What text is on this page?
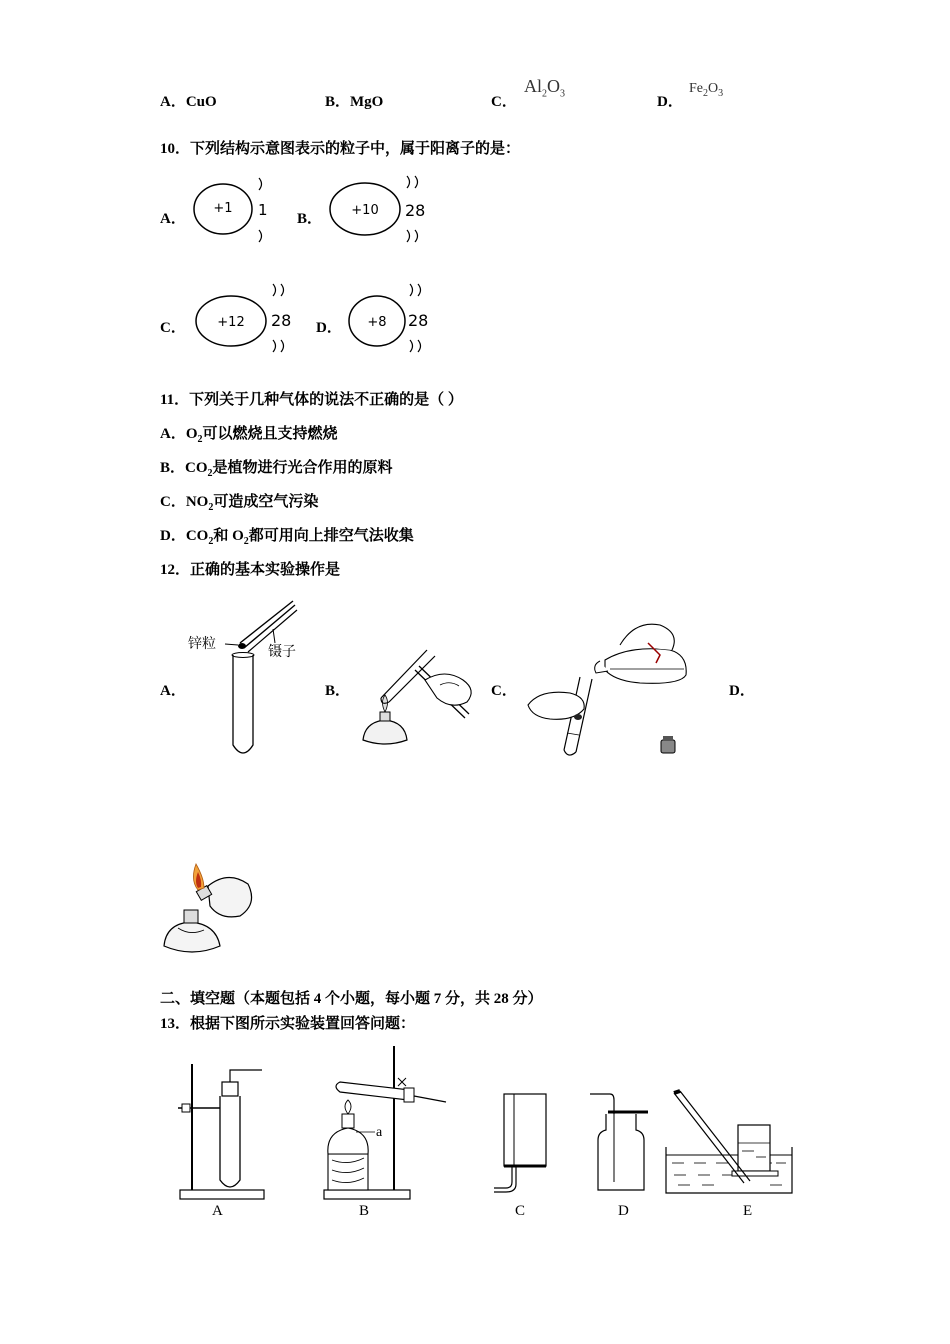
A．CuO	B．MgO	C．
$Al_2O_3$	D．
$Fe_2O_3$
10．下列结构示意图表示的粒子中，属于阳离子的是：
A．
+1 1 B．
+10 28
C． +12 28 D． +8 28
11．下列关于几种气体的说法不正确的是（ ）
A．$O_2$可以燃烧且支持燃烧
B．$CO_2$是植物进行光合作用的原料
C．$NO_2$可造成空气污染
D．$CO_2$和 $O_2$都可用向上排空气法收集
12．正确的基本实验操作是
A．	B．	C．	D．
锌粒	镊子
二、填空题（本题包括 4 个小题，每小题 7 分，共 28 分）
13．根据下图所示实验装置回答问题：
a
A	B	C	D	E
